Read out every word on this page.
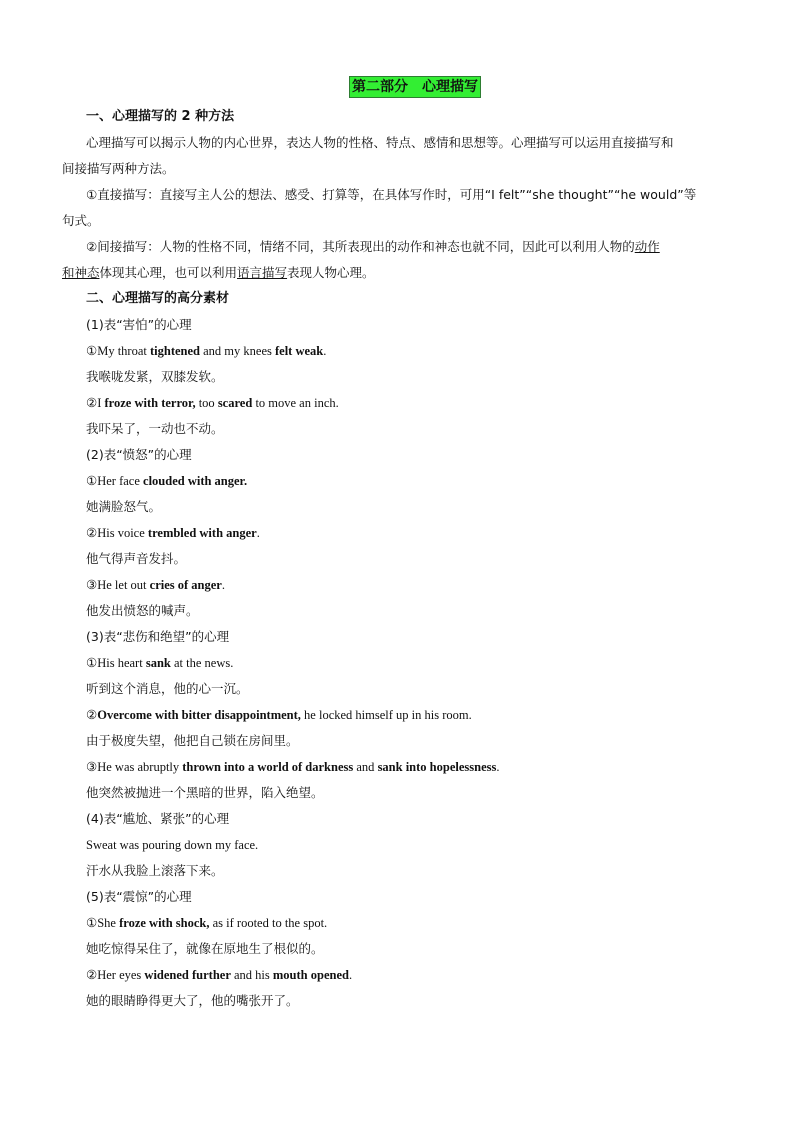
第二部分　心理描写
一、心理描写的 2 种方法
心理描写可以揭示人物的内心世界，表达人物的性格、特点、感情和思想等。心理描写可以运用直接描写和
间接描写两种方法。
①直接描写：直接写主人公的想法、感受、打算等，在具体写作时，可用“I felt”“she thought”“he would”等
句式。
②间接描写：人物的性格不同，情绪不同，其所表现出的动作和神态也就不同，因此可以利用人物的动作
和神态体现其心理，也可以利用语言描写表现人物心理。
二、心理描写的高分素材
(1)表“害怕”的心理
①My throat tightened and my knees felt weak.
我喉咙发紧，双膝发软。
②I froze with terror, too scared to move an inch.
我吓呆了，一动也不动。
(2)表“愤怒”的心理
①Her face clouded with anger.
她满脸怒气。
②His voice trembled with anger.
他气得声音发抖。
③He let out cries of anger.
他发出愤怒的喊声。
(3)表“悲伤和绝望”的心理
①His heart sank at the news.
听到这个消息，他的心一沉。
②Overcome with bitter disappointment, he locked himself up in his room.
由于极度失望，他把自己锁在房间里。
③He was abruptly thrown into a world of darkness and sank into hopelessness.
他突然被抛进一个黑暗的世界，陷入绝望。
(4)表“尴尬、紧张”的心理
Sweat was pouring down my face.
汗水从我脸上滚落下来。
(5)表“震惊”的心理
①She froze with shock, as if rooted to the spot.
她吃惊得呆住了，就像在原地生了根似的。
②Her eyes widened further and his mouth opened.
她的眼睛睁得更大了，他的嘴张开了。
